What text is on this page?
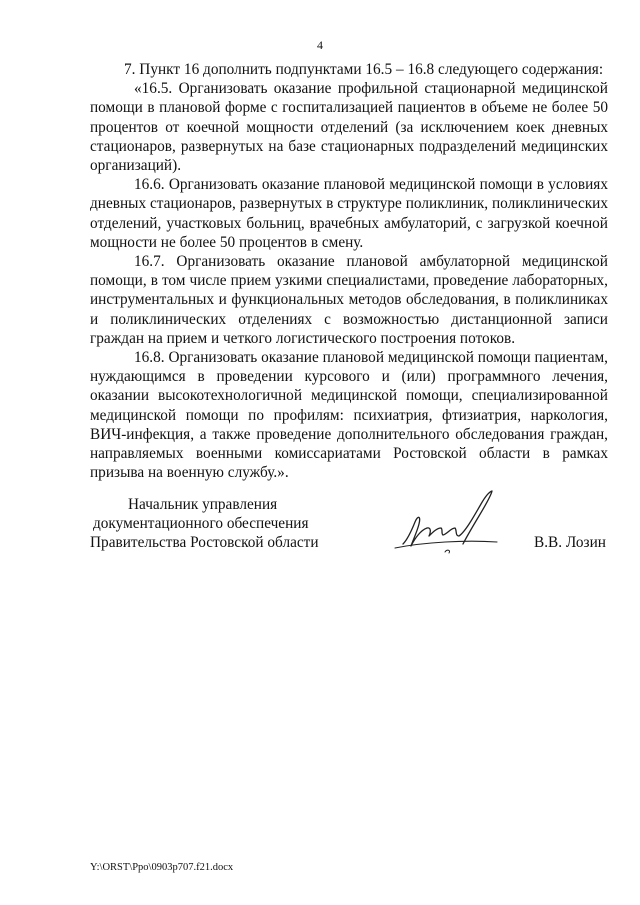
4

7. Пункт 16 дополнить подпунктами 16.5 – 16.8 следующего содержания:

«16.5. Организовать оказание профильной стационарной медицинской помощи в плановой форме с госпитализацией пациентов в объеме не более 50 процентов от коечной мощности отделений (за исключением коек дневных стационаров, развернутых на базе стационарных подразделений медицинских организаций).

16.6. Организовать оказание плановой медицинской помощи в условиях дневных стационаров, развернутых в структуре поликлиник, поликлинических отделений, участковых больниц, врачебных амбулаторий, с загрузкой коечной мощности не более 50 процентов в смену.

16.7. Организовать оказание плановой амбулаторной медицинской помощи, в том числе прием узкими специалистами, проведение лабораторных, инструментальных и функциональных методов обследования, в поликлиниках и поликлинических отделениях с возможностью дистанционной записи граждан на прием и четкого логистического построения потоков.

16.8. Организовать оказание плановой медицинской помощи пациентам, нуждающимся в проведении курсового и (или) программного лечения, оказании высокотехнологичной медицинской помощи, специализированной медицинской помощи по профилям: психиатрия, фтизиатрия, наркология, ВИЧ-инфекция, а также проведение дополнительного обследования граждан, направляемых военными комиссариатами Ростовской области в рамках призыва на военную службу.».

Начальник управления
документационного обеспечения
Правительства Ростовской области	В.В. Лозин
Y:\ORST\Ppo\0903p707.f21.docx
